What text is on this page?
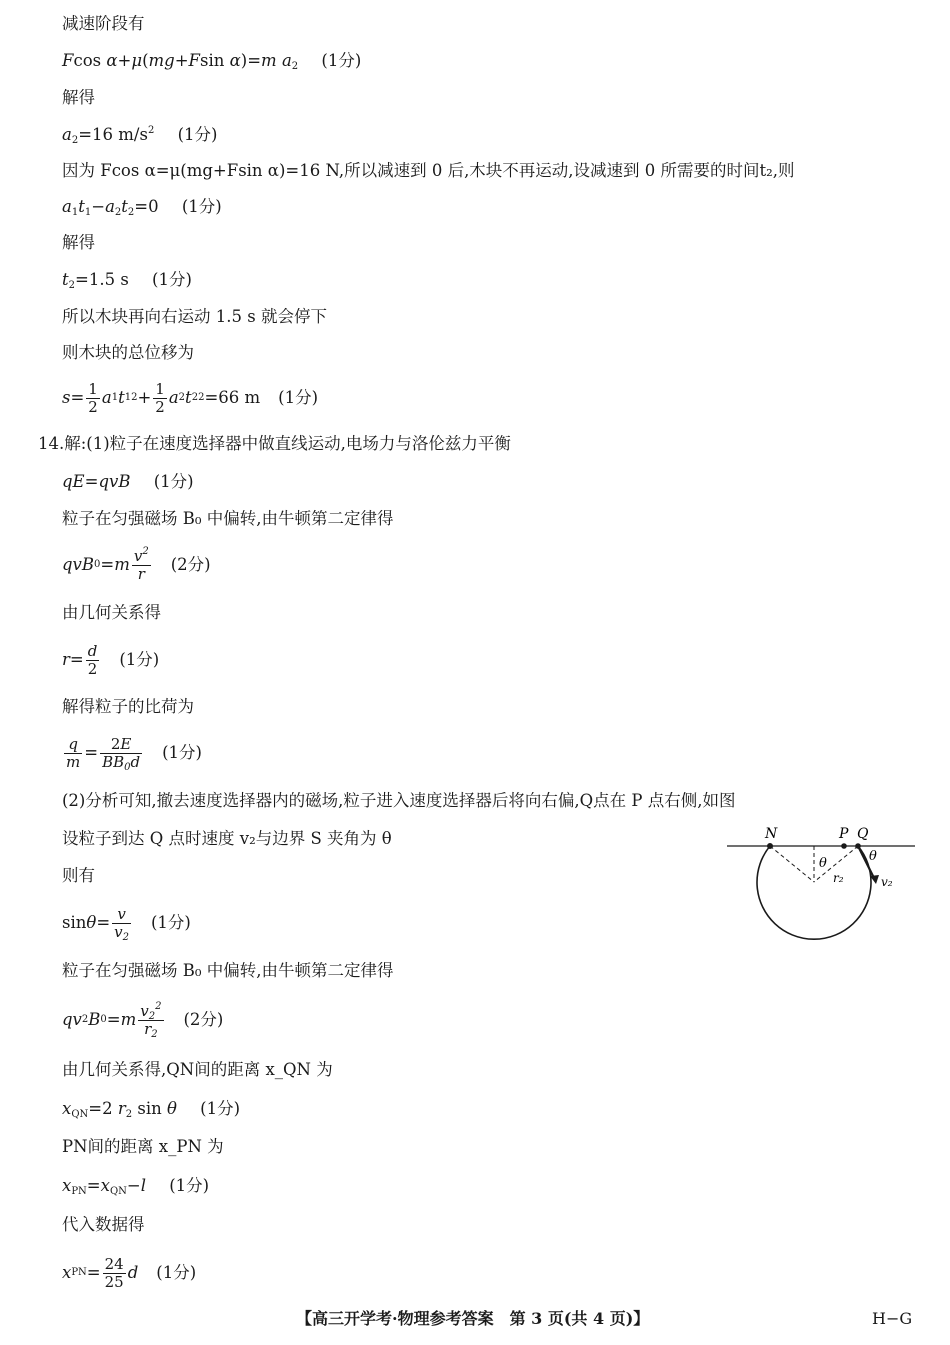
减速阶段有
Fcos α+μ(mg+Fsin α)=m $a_2$ (1分)
解得
$a_2=16$ $m/s^2$ (1分)
因为 Fcos α=μ(mg+Fsin α)=16 N,所以减速到 0 后,木块不再运动,设减速到 0 所需要的时间t₂,则
$a_1t_1-a_2t_2=0$ (1分)
解得
$t_2=1.5$ s (1分)
所以木块再向右运动 1.5 s 就会停下
则木块的总位移为
$s = \frac{1}{2}$ a 1 t 1 $2 + \frac{1}{2}$ a 2 t 2 2 =66 m (1分)
14.解:(1)粒子在速度选择器中做直线运动,电场力与洛伦兹力平衡
qE=qvB (1分)
粒子在匀强磁场 B₀ 中偏转,由牛顿第二定律得
qvB 0 = m $\frac{v^2}{r} (2$分)
由几何关系得
$r = \frac{d}{2} (1$分)
解得粒子的比荷为
$\frac{q}{m} = \frac{2E}{BB_0d} (1$分)
(2)分析可知,撤去速度选择器内的磁场,粒子进入速度选择器后将向右偏,Q点在 P 点右侧,如图
设粒子到达 Q 点时速度 v₂与边界 S 夹角为 θ
则有
$\sin \theta = \frac{v}{v_2} (1$分)
粒子在匀强磁场 B₀ 中偏转,由牛顿第二定律得
qv 2 B 0 = m $\frac{v_2^2}{r_2} (2$分)
由几何关系得,QN间的距离 x_QN 为
$x_{QN}=2$ $r_2$ sin θ (1分)
PN间的距离 x_PN 为
$x_{PN}=x_{QN}-l$ (1分)
代入数据得
x PN = $\frac{24}{25}$ d (1分)
N	P Q
θ	θ
r₂	v₂
【高三开学考·物理参考答案　第 3 页(共 4 页)】	H−G
